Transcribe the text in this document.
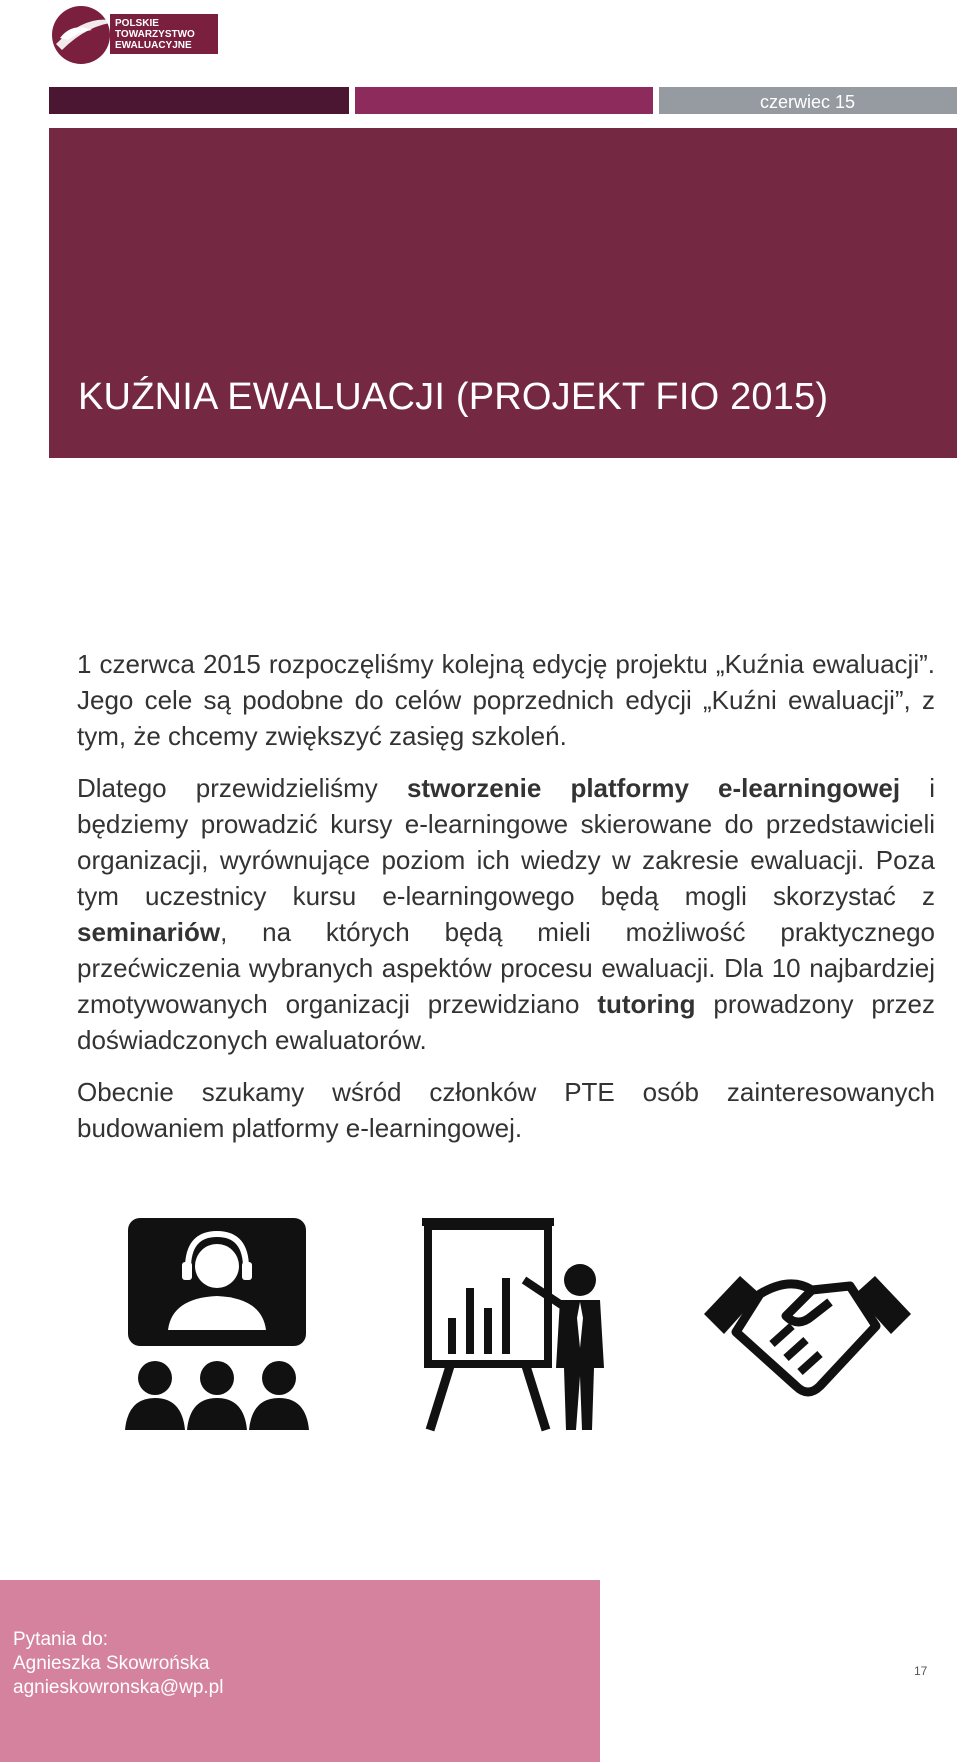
POLSKIE
TOWARZYSTWO
EWALUACYJNE
czerwiec 15
KUŹNIA EWALUACJI (PROJEKT FIO 2015)

1 czerwca 2015 rozpoczęliśmy kolejną edycję projektu „Kuźnia ewaluacji”. Jego cele są podobne do celów poprzednich edycji „Kuźni ewaluacji”, z tym, że chcemy zwiększyć zasięg szkoleń.

Dlatego przewidzieliśmy stworzenie platformy e-learningowej i będziemy prowadzić kursy e-learningowe skierowane do przedstawicieli organizacji, wyrównujące poziom ich wiedzy w zakresie ewaluacji. Poza tym uczestnicy kursu e-learningowego będą mogli skorzystać z seminariów, na których będą mieli możliwość praktycznego przećwiczenia wybranych aspektów procesu ewaluacji. Dla 10 najbardziej zmotywowanych organizacji przewidziano tutoring prowadzony przez doświadczonych ewaluatorów.

Obecnie szukamy wśród członków PTE osób zainteresowanych budowaniem platformy e-learningowej.

Pytania do:
Agnieszka Skowrońska
agnieskowronska@wp.pl
17
